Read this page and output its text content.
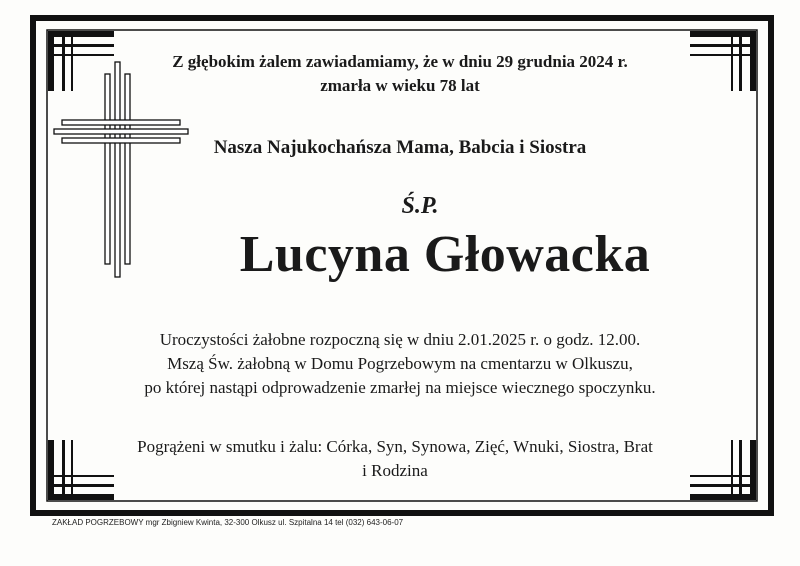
Z głębokim żalem zawiadamiamy, że w dniu 29 grudnia 2024 r.
zmarła w wieku 78 lat
Nasza Najukochańsza Mama, Babcia i Siostra
Ś.P.
Lucyna Głowacka
Uroczystości żałobne rozpoczną się w dniu 2.01.2025 r. o godz. 12.00.
Mszą Św. żałobną w Domu Pogrzebowym na cmentarzu w Olkuszu,
po której nastąpi odprowadzenie zmarłej na miejsce wiecznego spoczynku.
Pogrążeni w smutku i żalu: Córka, Syn, Synowa, Zięć, Wnuki, Siostra, Brat
i Rodzina
ZAKŁAD POGRZEBOWY mgr Zbigniew Kwinta, 32-300 Olkusz ul. Szpitalna 14 tel (032) 643-06-07
